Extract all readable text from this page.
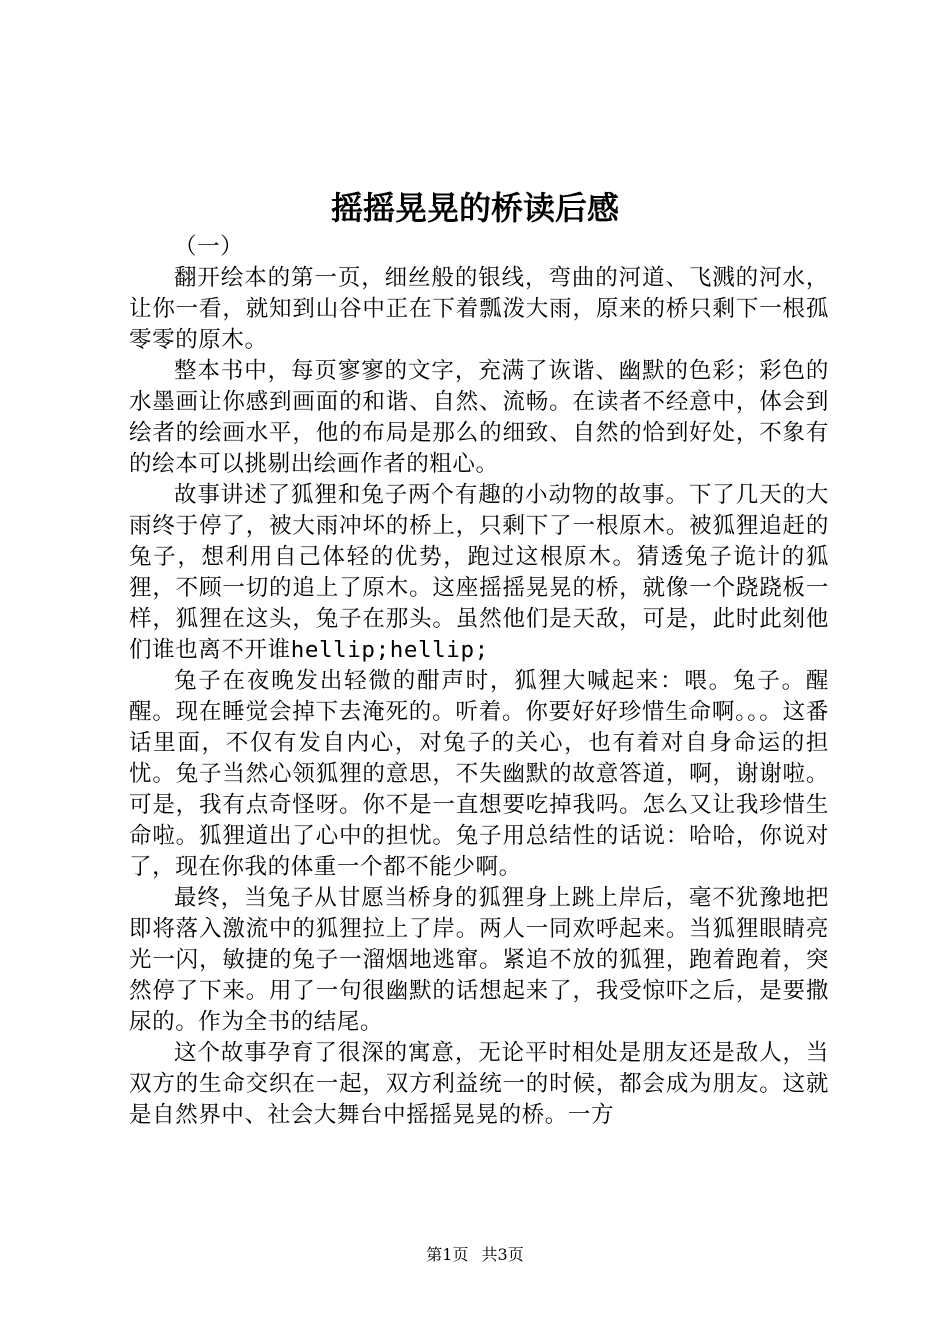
摇摇晃晃的桥读后感

（一）

翻开绘本的第一页，细丝般的银线，弯曲的河道、飞溅的河水，让你一看，就知到山谷中正在下着瓢泼大雨，原来的桥只剩下一根孤零零的原木。

整本书中，每页寥寥的文字，充满了诙谐、幽默的色彩；彩色的水墨画让你感到画面的和谐、自然、流畅。在读者不经意中，体会到绘者的绘画水平，他的布局是那么的细致、自然的恰到好处，不象有的绘本可以挑剔出绘画作者的粗心。

故事讲述了狐狸和兔子两个有趣的小动物的故事。下了几天的大雨终于停了，被大雨冲坏的桥上，只剩下了一根原木。被狐狸追赶的兔子，想利用自己体轻的优势，跑过这根原木。猜透兔子诡计的狐狸，不顾一切的追上了原木。这座摇摇晃晃的桥，就像一个跷跷板一样，狐狸在这头，兔子在那头。虽然他们是天敌，可是，此时此刻他们谁也离不开谁hellip;hellip;

兔子在夜晚发出轻微的酣声时，狐狸大喊起来：喂。兔子。醒醒。现在睡觉会掉下去淹死的。听着。你要好好珍惜生命啊。。。这番话里面，不仅有发自内心，对兔子的关心，也有着对自身命运的担忧。兔子当然心领狐狸的意思，不失幽默的故意答道，啊，谢谢啦。可是，我有点奇怪呀。你不是一直想要吃掉我吗。怎么又让我珍惜生命啦。狐狸道出了心中的担忧。兔子用总结性的话说：哈哈，你说对了，现在你我的体重一个都不能少啊。

最终，当兔子从甘愿当桥身的狐狸身上跳上岸后，毫不犹豫地把即将落入激流中的狐狸拉上了岸。两人一同欢呼起来。当狐狸眼睛亮光一闪，敏捷的兔子一溜烟地逃窜。紧追不放的狐狸，跑着跑着，突然停了下来。用了一句很幽默的话想起来了，我受惊吓之后，是要撒尿的。作为全书的结尾。

这个故事孕育了很深的寓意，无论平时相处是朋友还是敌人，当双方的生命交织在一起，双方利益统一的时候，都会成为朋友。这就是自然界中、社会大舞台中摇摇晃晃的桥。一方

第1页 共3页
